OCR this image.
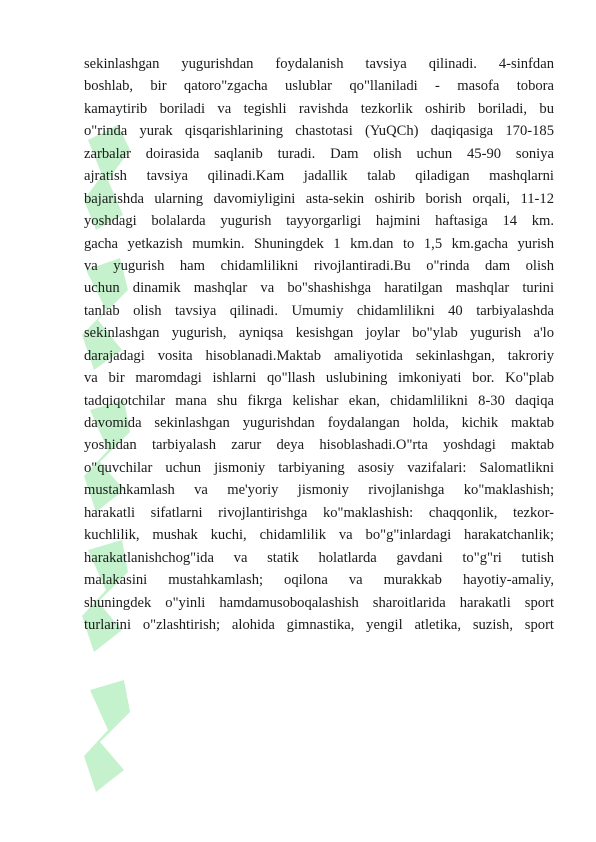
sekinlashgan yugurishdan foydalanish tavsiya qilinadi. 4-sinfdan
boshlab, bir qatoro"zgacha uslublar qo"llaniladi - masofa tobora
kamaytirib boriladi va tegishli ravishda tezkorlik oshirib boriladi, bu
o"rinda yurak qisqarishlarining chastotasi (YuQCh) daqiqasiga 170-185
zarbalar doirasida saqlanib turadi. Dam olish uchun 45-90 soniya
ajratish tavsiya qilinadi.Kam jadallik talab qiladigan mashqlarni
bajarishda ularning davomiyligini asta-sekin oshirib borish orqali, 11-12
yoshdagi bolalarda yugurish tayyorgarligi hajmini haftasiga 14 km.
gacha yetkazish mumkin. Shuningdek 1 km.dan to 1,5 km.gacha yurish
va yugurish ham chidamlilikni rivojlantiradi.Bu o"rinda dam olish
uchun dinamik mashqlar va bo"shashishga haratilgan mashqlar turini
tanlab olish tavsiya qilinadi. Umumiy chidamlilikni 40 tarbiyalashda
sekinlashgan yugurish, ayniqsa kesishgan joylar bo"ylab yugurish a'lo
darajadagi vosita hisoblanadi.Maktab amaliyotida sekinlashgan, takroriy
va bir maromdagi ishlarni qo"llash uslubining imkoniyati bor. Ko"plab
tadqiqotchilar mana shu fikrga kelishar ekan, chidamlilikni 8-30 daqiqa
davomida sekinlashgan yugurishdan foydalangan holda, kichik maktab
yoshidan tarbiyalash zarur deya hisoblashadi.O"rta yoshdagi maktab
o"quvchilar uchun jismoniy tarbiyaning asosiy vazifalari: Salomatlikni
mustahkamlash va me'yoriy jismoniy rivojlanishga ko"maklashish;
harakatli sifatlarni rivojlantirishga ko"maklashish: chaqqonlik, tezkor-
kuchlilik, mushak kuchi, chidamlilik va bo"g"inlardagi harakatchanlik;
harakatlanishchog"ida va statik holatlarda gavdani to"g"ri tutish
malakasini mustahkamlash; oqilona va murakkab hayotiy-amaliy,
shuningdek o"yinli hamdamusoboqalashish sharoitlarida harakatli sport
turlarini o"zlashtirish; alohida gimnastika, yengil atletika, suzish, sport
